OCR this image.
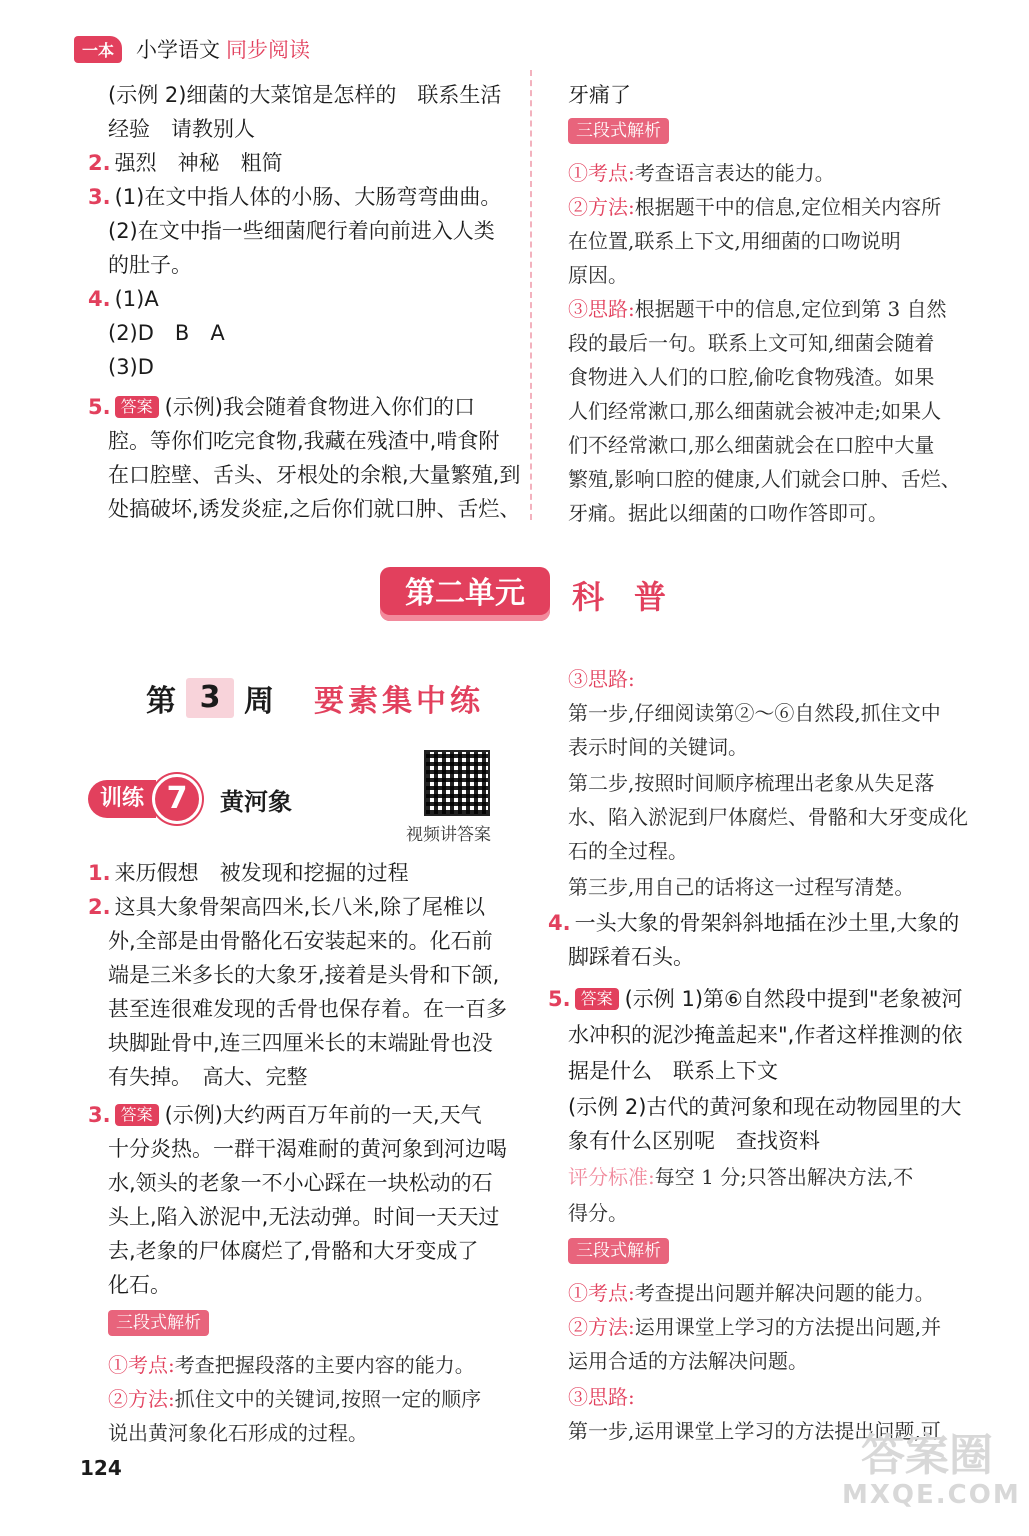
一本	小学语文 同步阅读
(示例 2)细菌的大菜馆是怎样的　联系生活
经验　请教别人
2. 强烈　神秘　粗简
3. (1)在文中指人体的小肠、大肠弯弯曲曲。
(2)在文中指一些细菌爬行着向前进入人类
的肚子。
4. (1)A
(2)D　B　A
(3)D
5. 答案 (示例)我会随着食物进入你们的口
腔。等你们吃完食物,我藏在残渣中,啃食附
在口腔壁、舌头、牙根处的余粮,大量繁殖,到
处搞破坏,诱发炎症,之后你们就口肿、舌烂、
牙痛了
三段式解析
①考点:考查语言表达的能力。
②方法:根据题干中的信息,定位相关内容所
在位置,联系上下文,用细菌的口吻说明
原因。
③思路:根据题干中的信息,定位到第 3 自然
段的最后一句。联系上文可知,细菌会随着
食物进入人们的口腔,偷吃食物残渣。如果
人们经常漱口,那么细菌就会被冲走;如果人
们不经常漱口,那么细菌就会在口腔中大量
繁殖,影响口腔的健康,人们就会口肿、舌烂、
牙痛。据此以细菌的口吻作答即可。
第二单元	科普
第 3 周 要素集中练
训练 7	黄河象
视频讲答案
1. 来历假想　被发现和挖掘的过程
2. 这具大象骨架高四米,长八米,除了尾椎以
外,全部是由骨骼化石安装起来的。化石前
端是三米多长的大象牙,接着是头骨和下颌,
甚至连很难发现的舌骨也保存着。在一百多
块脚趾骨中,连三四厘米长的末端趾骨也没
有失掉。　高大、完整
3. 答案 (示例)大约两百万年前的一天,天气
十分炎热。一群干渴难耐的黄河象到河边喝
水,领头的老象一不小心踩在一块松动的石
头上,陷入淤泥中,无法动弹。时间一天天过
去,老象的尸体腐烂了,骨骼和大牙变成了
化石。
三段式解析
①考点:考查把握段落的主要内容的能力。
②方法:抓住文中的关键词,按照一定的顺序
说出黄河象化石形成的过程。
③思路:
第一步,仔细阅读第②～⑥自然段,抓住文中
表示时间的关键词。
第二步,按照时间顺序梳理出老象从失足落
水、陷入淤泥到尸体腐烂、骨骼和大牙变成化
石的全过程。
第三步,用自己的话将这一过程写清楚。
4. 一头大象的骨架斜斜地插在沙土里,大象的
脚踩着石头。
5. 答案 (示例 1)第⑥自然段中提到"老象被河
水冲积的泥沙掩盖起来",作者这样推测的依
据是什么　联系上下文
(示例 2)古代的黄河象和现在动物园里的大
象有什么区别呢　查找资料
评分标准:每空 1 分;只答出解决方法,不
得分。
三段式解析
①考点:考查提出问题并解决问题的能力。
②方法:运用课堂上学习的方法提出问题,并
运用合适的方法解决问题。
③思路:
第一步,运用课堂上学习的方法提出问题,可
124	答案圈
MXQE.COM
